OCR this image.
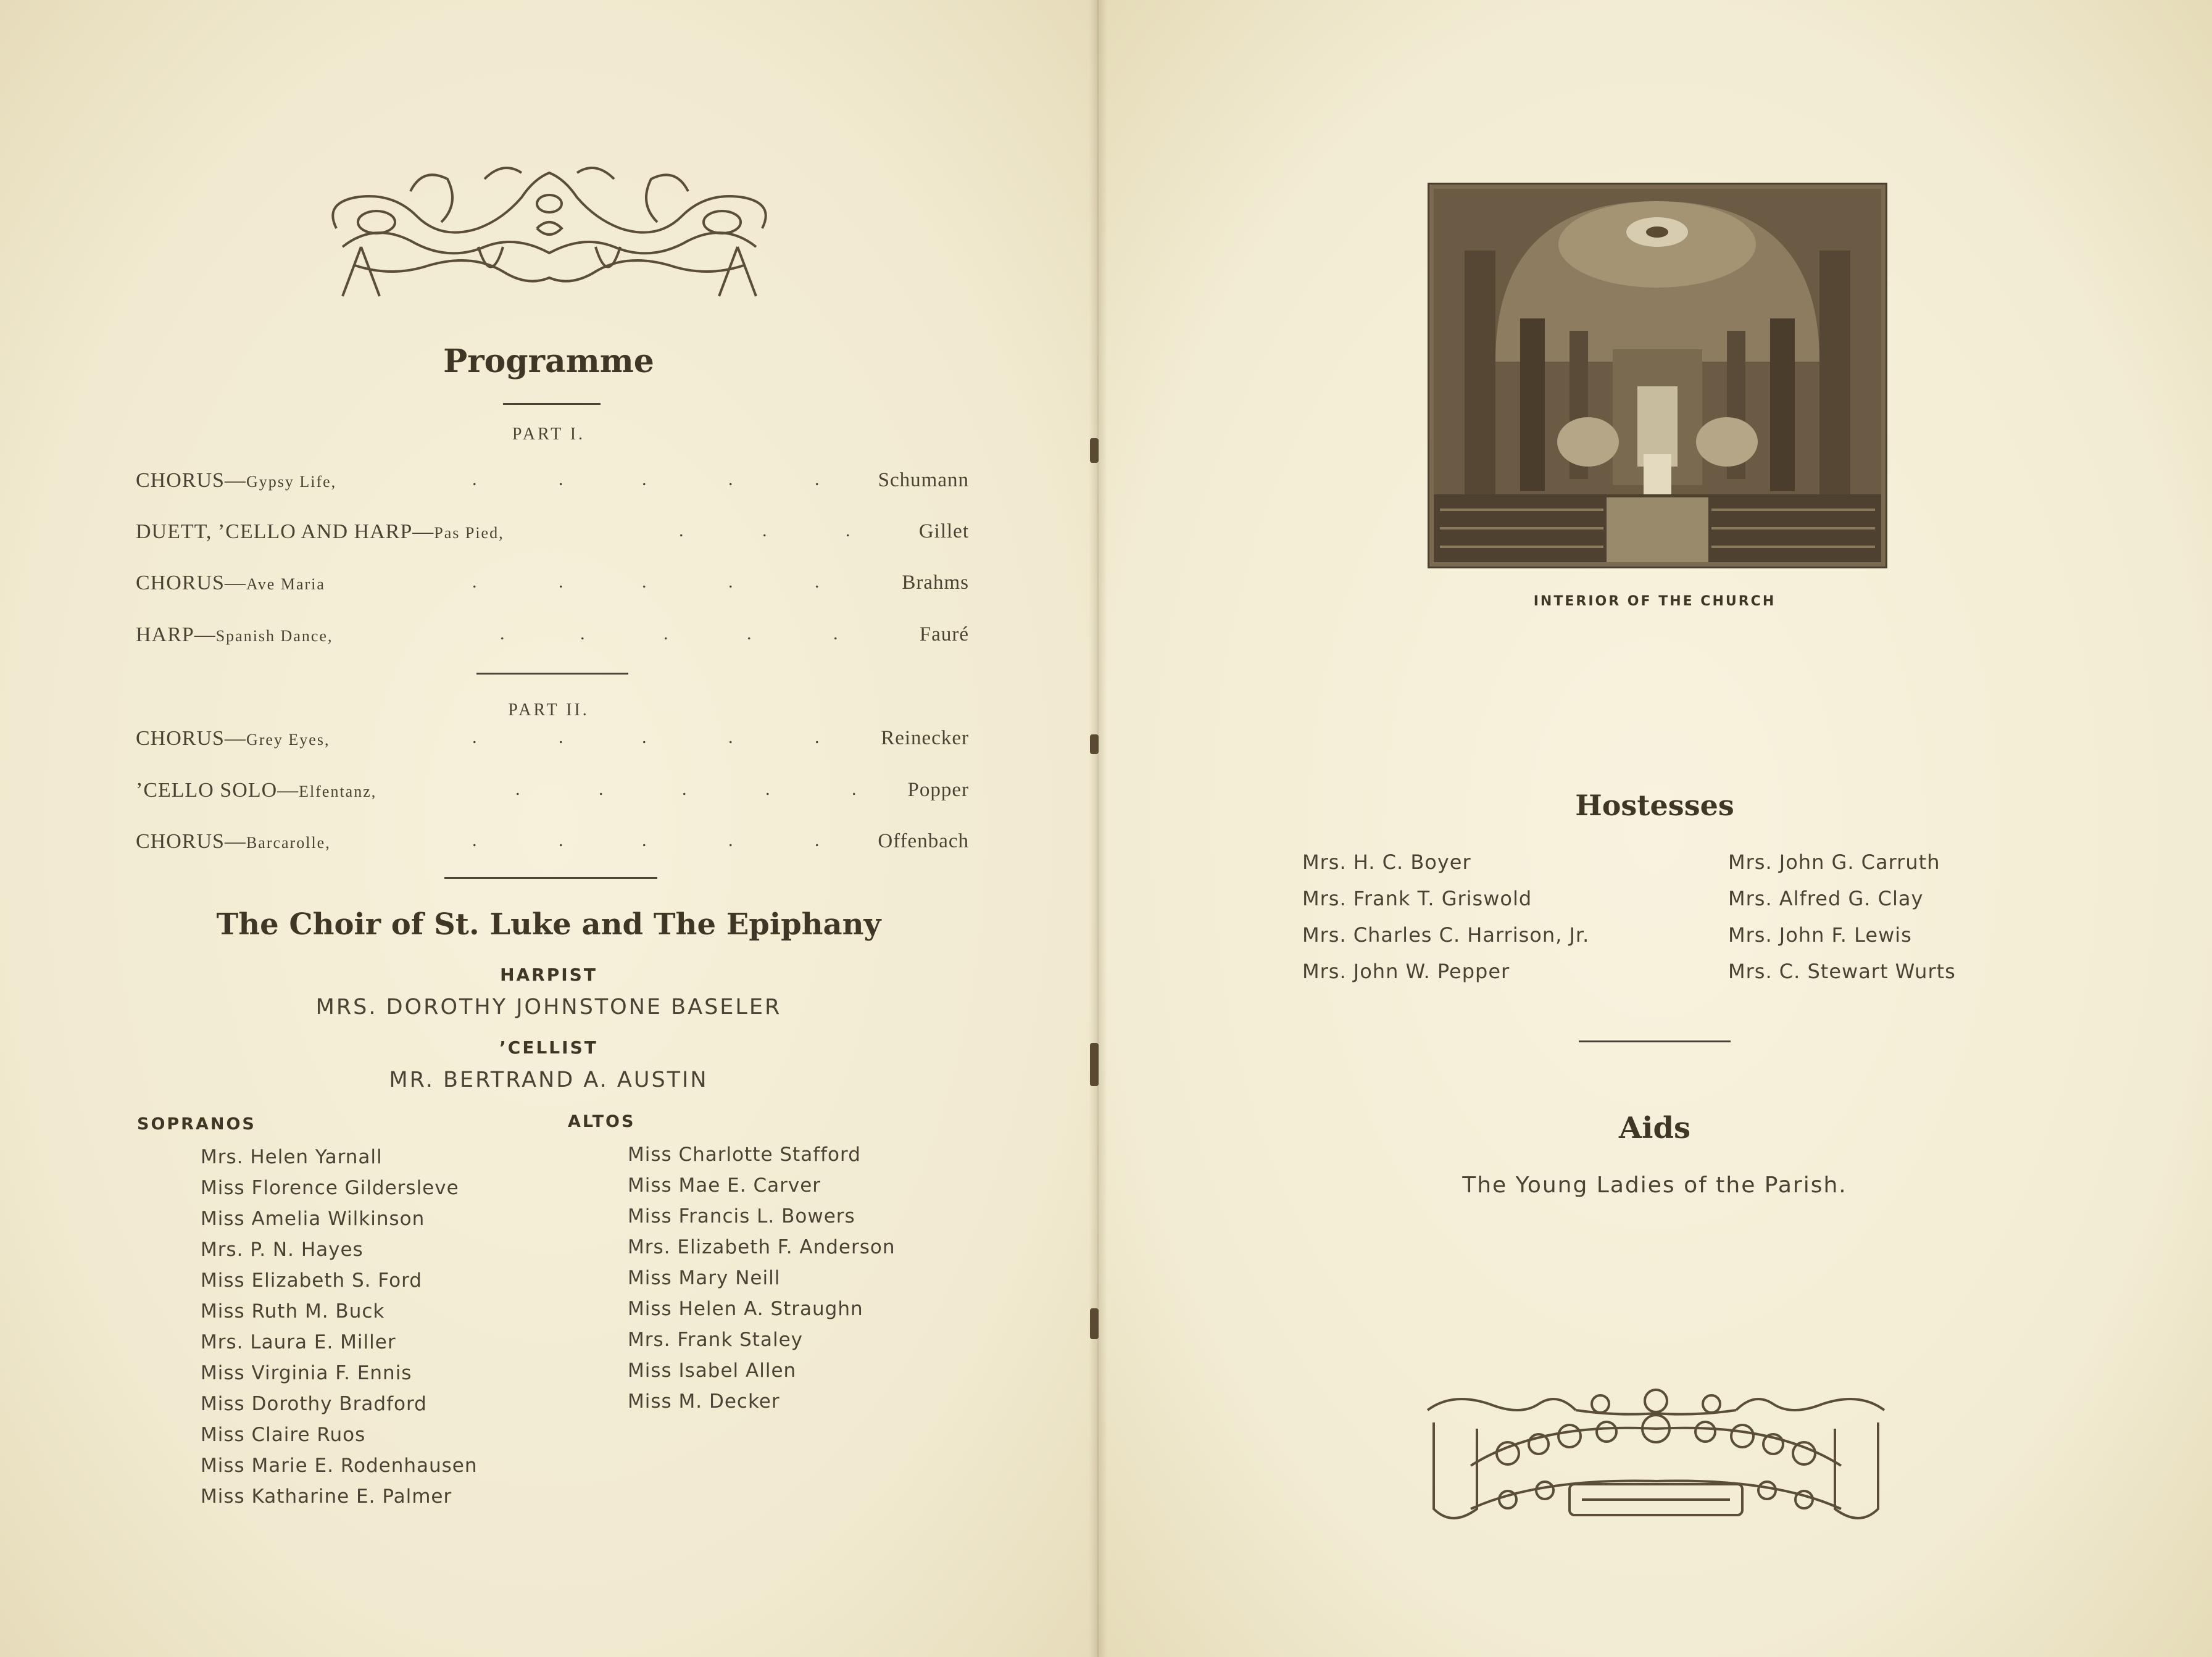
Programme
PART I.
CHORUS—Gypsy Life,	.	.	.	.	.	Schumann
DUETT, ’CELLO AND HARP—Pas Pied,	.	.	.	Gillet
CHORUS—Ave Maria	.	.	.	.	.	Brahms
HARP—Spanish Dance,	.	.	.	.	.	Fauré
PART II.
CHORUS—Grey Eyes,	.	.	.	.	.	Reinecker
’CELLO SOLO—Elfentanz,	.	.	.	.	. Popper
CHORUS—Barcarolle,	.	.	.	.	.	Offenbach
The Choir of St. Luke and The Epiphany
HARPIST
MRS. DOROTHY JOHNSTONE BASELER
’CELLIST
MR. BERTRAND A. AUSTIN
SOPRANOS	ALTOS
Mrs. Helen Yarnall
Miss Florence Gildersleve
Miss Amelia Wilkinson
Mrs. P. N. Hayes
Miss Elizabeth S. Ford
Miss Ruth M. Buck
Mrs. Laura E. Miller
Miss Virginia F. Ennis
Miss Dorothy Bradford
Miss Claire Ruos
Miss Marie E. Rodenhausen
Miss Katharine E. Palmer
Miss Charlotte Stafford
Miss Mae E. Carver
Miss Francis L. Bowers
Mrs. Elizabeth F. Anderson
Miss Mary Neill
Miss Helen A. Straughn
Mrs. Frank Staley
Miss Isabel Allen
Miss M. Decker
INTERIOR OF THE CHURCH
Hostesses
Mrs. H. C. Boyer
Mrs. Frank T. Griswold
Mrs. Charles C. Harrison, Jr.
Mrs. John W. Pepper
Mrs. John G. Carruth
Mrs. Alfred G. Clay
Mrs. John F. Lewis
Mrs. C. Stewart Wurts
Aids
The Young Ladies of the Parish.
